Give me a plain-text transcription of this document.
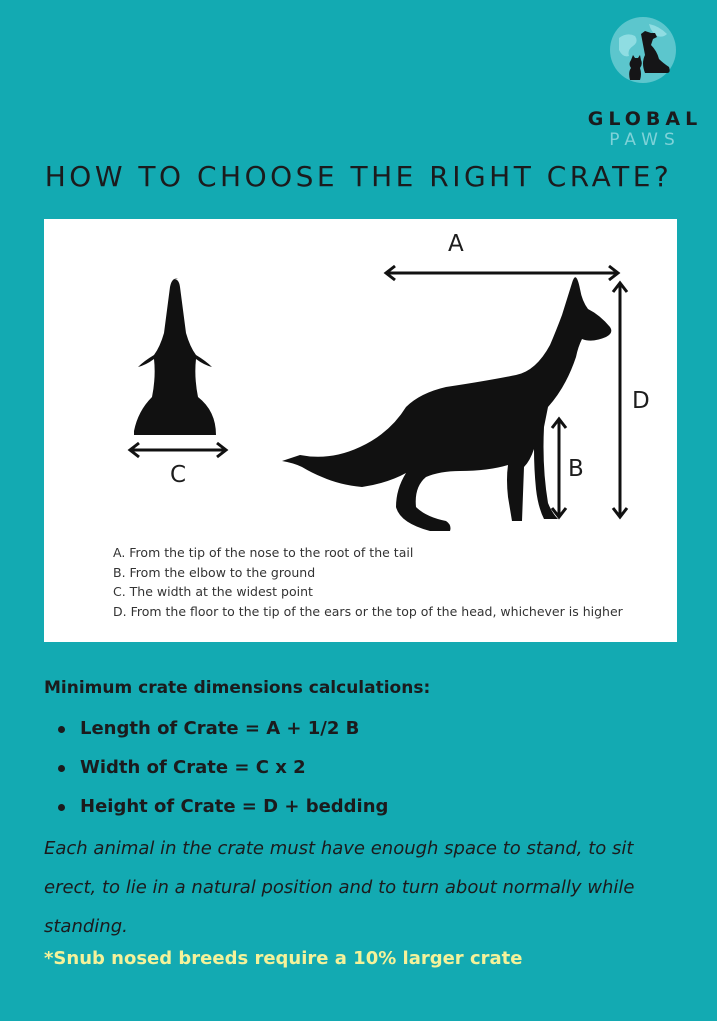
GLOBAL
PAWS
HOW TO CHOOSE THE RIGHT CRATE?
A
D
B
C
A. From the tip of the nose to the root of the tail
B. From the elbow to the ground
C. The width at the widest point
D. From the floor to the tip of the ears or the top of the head, whichever is higher
Minimum crate dimensions calculations:
Length of Crate = A + 1/2 B
Width of Crate = C x 2
Height of Crate = D + bedding

Each animal in the crate must have enough space to stand, to sit erect, to lie in a natural position and to turn about normally while standing.

*Snub nosed breeds require a 10% larger crate
